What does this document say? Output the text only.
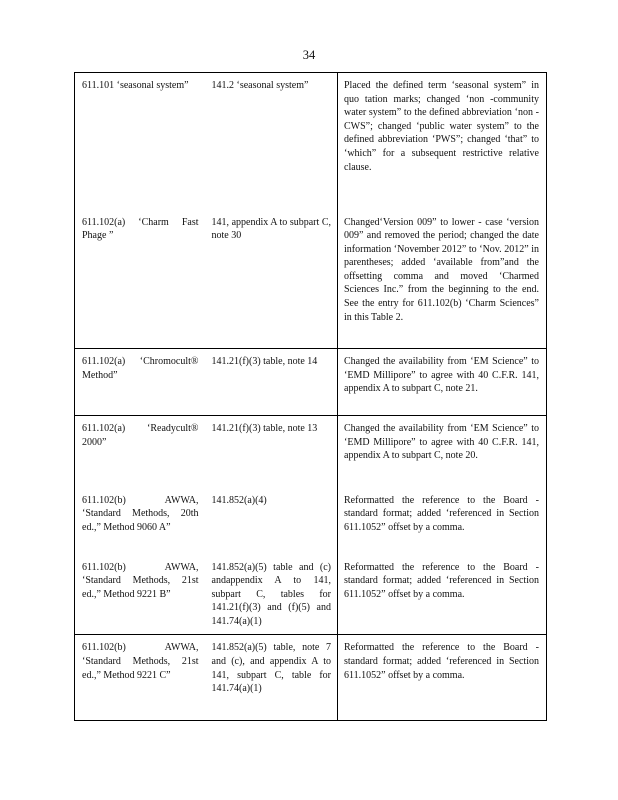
34
611.101 ‘seasonal system”	141.2 ‘seasonal system”	Placed the defined term ‘seasonal system” in quo tation marks; changed ‘non -community water system” to the defined abbreviation ‘non -CWS”; changed ‘public water system” to the defined abbreviation ‘PWS”; changed ‘that” to ‘which” for a subsequent restrictive relative clause.

611.102(a) ‘Charm Fast Phage ”	141, appendix A to subpart C, note 30	Changed‘Version 009” to lower - case ‘version 009” and removed the period; changed the date information ‘November 2012” to ‘Nov. 2012” in parentheses; added ‘available from”and the offsetting comma and moved ‘Charmed Sciences Inc.” from the beginning to the end. See the entry for 611.102(b) ‘Charm Sciences” in this Table 2.

611.102(a) ‘Chromocult® Method”	141.21(f)(3) table, note 14	Changed the availability from ‘EM Science” to ‘EMD Millipore” to agree with 40 C.F.R. 141, appendix A to subpart C, note 21.

611.102(a) ‘Readycult® 2000”	141.21(f)(3) table, note 13	Changed the availability from ‘EM Science” to ‘EMD Millipore” to agree with 40 C.F.R. 141, appendix A to subpart C, note 20.

611.102(b) AWWA, ‘Standard Methods, 20th ed.,” Method 9060 A”	141.852(a)(4)	Reformatted the reference to the Board - standard format; added ‘referenced in Section 611.1052” offset by a comma.

611.102(b) AWWA, ‘Standard Methods, 21st ed.,” Method 9221 B”	141.852(a)(5) table and (c) andappendix A to 141, subpart C, tables for 141.21(f)(3) and (f)(5) and 141.74(a)(1)	Reformatted the reference to the Board - standard format; added ‘referenced in Section 611.1052” offset by a comma.

611.102(b) AWWA, ‘Standard Methods, 21st ed.,” Method 9221 C”	141.852(a)(5) table, note 7 and (c), and appendix A to 141, subpart C, table for 141.74(a)(1)	Reformatted the reference to the Board - standard format; added ‘referenced in Section 611.1052” offset by a comma.
